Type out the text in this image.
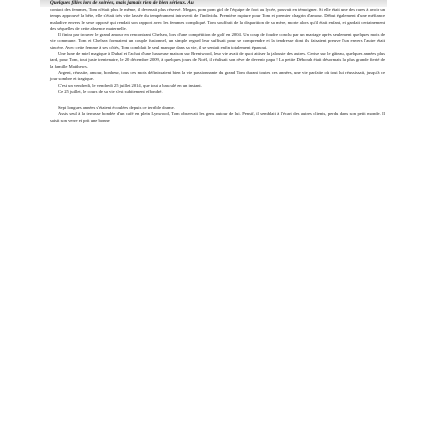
Quelques filles lors de soirées, mais jamais rien de bien sérieux. Au

contact des femmes, Tom n'était plus le même, il devenait plus réservé. Megan, pom pom girl de l'équipe de foot au lycée, pouvait en témoigner. Si elle était une des rares à avoir un temps approuvé la bête, elle s'était très vite lassée du tempérament introverti de l'individu. Première rupture pour Tom et premier chagrin d'amour. Début également d'une méfiance maladive envers le sexe opposé qui rendait son rapport avec les femmes compliqué. Tom souffrait de la disparition de sa mère, morte alors qu'il était enfant, et gardait certainement des séquelles de cette absence maternelle.

Il finira par trouver le grand amour en rencontrant Chelsea, lors d'une compétition de golf en 2004. Un coup de foudre conclu par un mariage après seulement quelques mois de vie commune. Tom et Chelsea formaient un couple fusionnel, un simple regard leur suffisait pour se comprendre et la tendresse dont ils faisaient preuve l'un envers l'autre était sincère. Avec cette femme à ses côtés, Tom comblait le seul manque dans sa vie, il se sentait enfin totalement épanoui.

Une lune de miel magique à Dubaï et l'achat d'une luxueuse maison sur Brentwood, leur vie avait de quoi attiser la jalousie des autres. Cerise sur le gâteau, quelques années plus tard, pour Tom, tout juste trentenaire, le 20 décembre 2009, à quelques jours de Noël, il réalisait son rêve de devenir papa ! La petite Déborah était désormais la plus grande fierté de la famille Matthews.

Argent, réussite, amour, bonheur, tous ces mots définissaient bien la vie passionnante du grand Tom durant toutes ces années, une vie parfaite où tout lui réussissait, jusqu'à ce jour sombre et tragique.

C'est un vendredi, le vendredi 25 juillet 2014, que tout a basculé en un instant.

Ce 25 juillet, le cours de sa vie s'est subitement effondré.

Sept longues années s'étaient écoulées depuis ce terrible drame.

Assis seul à la terrasse bondée d'un café en plein Lynwood, Tom observait les gens autour de lui. Pensif, il semblait à l'écart des autres clients, perdu dans son petit monde. Il saisit son verre et prit une bonne
